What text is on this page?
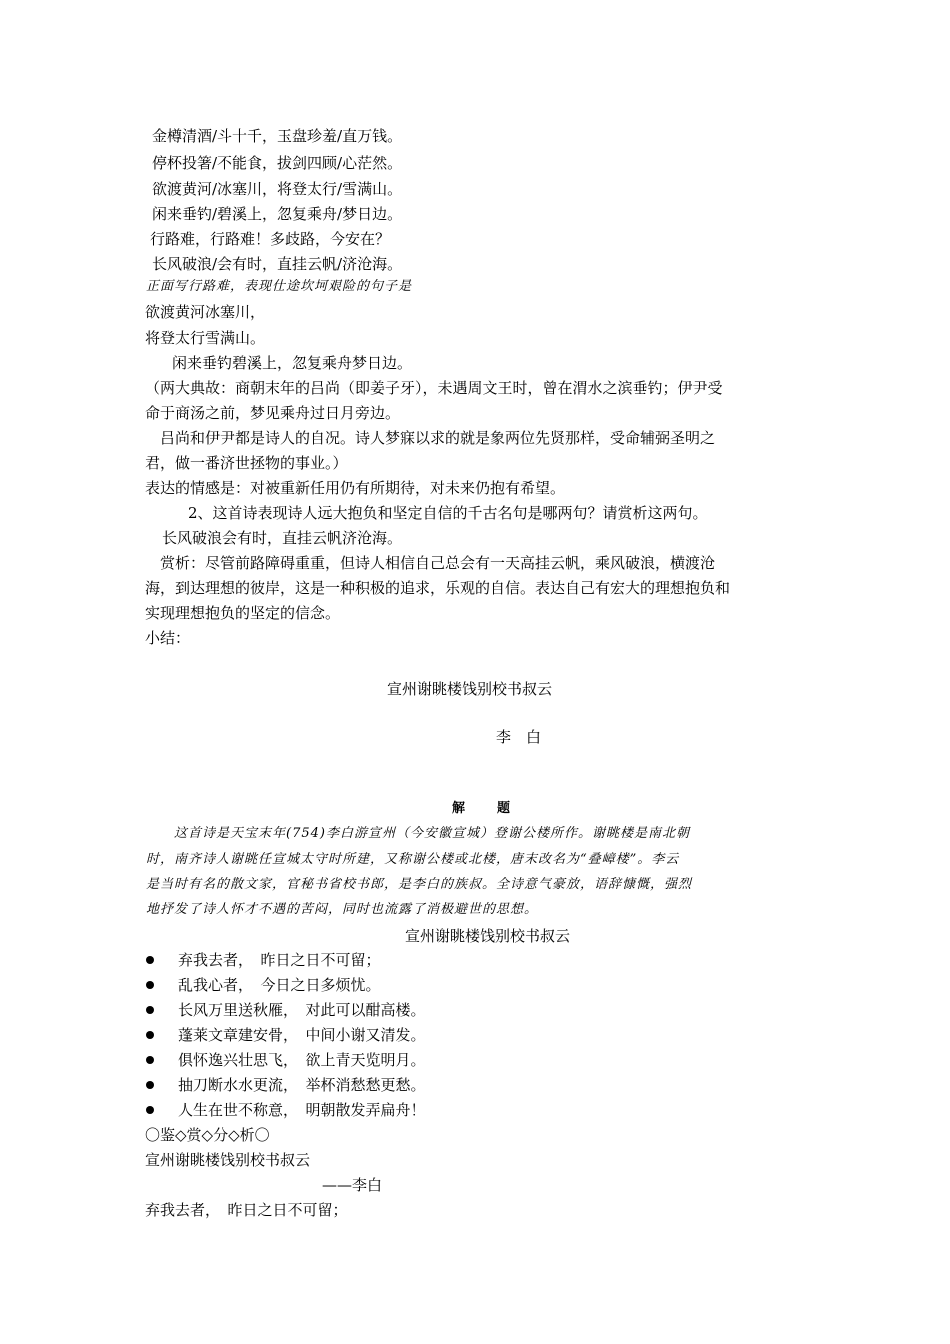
金樽清酒/斗十千，玉盘珍羞/直万钱。
停杯投箸/不能食，拔剑四顾/心茫然。
欲渡黄河/冰塞川，将登太行/雪满山。
闲来垂钓/碧溪上，忽复乘舟/梦日边。
行路难，行路难！多歧路，今安在？
长风破浪/会有时，直挂云帆/济沧海。
正面写行路难，表现仕途坎坷艰险的句子是
欲渡黄河冰塞川，
将登太行雪满山。
闲来垂钓碧溪上，忽复乘舟梦日边。
（两大典故：商朝末年的吕尚（即姜子牙），未遇周文王时，曾在渭水之滨垂钓；伊尹受
命于商汤之前，梦见乘舟过日月旁边。
吕尚和伊尹都是诗人的自况。诗人梦寐以求的就是象两位先贤那样，受命辅弼圣明之
君，做一番济世拯物的事业。）
表达的情感是：对被重新任用仍有所期待，对未来仍抱有希望。
2、这首诗表现诗人远大抱负和坚定自信的千古名句是哪两句？请赏析这两句。
长风破浪会有时，直挂云帆济沧海。
赏析：尽管前路障碍重重，但诗人相信自己总会有一天高挂云帆，乘风破浪，横渡沧
海，到达理想的彼岸，这是一种积极的追求，乐观的自信。表达自己有宏大的理想抱负和
实现理想抱负的坚定的信念。
小结：
宣州谢眺楼饯别校书叔云
李　白
解　　题
这首诗是天宝末年(754)李白游宣州（今安徽宣城）登谢公楼所作。谢眺楼是南北朝
时，南齐诗人谢眺任宣城太守时所建，又称谢公楼或北楼，唐末改名为“叠嶂楼”。李云
是当时有名的散文家，官秘书省校书郎，是李白的族叔。全诗意气豪放，语辞慷慨，强烈
地抒发了诗人怀才不遇的苦闷，同时也流露了消极避世的思想。
宣州谢眺楼饯别校书叔云
弃我去者，　昨日之日不可留；
乱我心者，　今日之日多烦忧。
长风万里送秋雁，　对此可以酣高楼。
蓬莱文章建安骨，　中间小谢又清发。
俱怀逸兴壮思飞，　欲上青天览明月。
抽刀断水水更流，　举杯消愁愁更愁。
人生在世不称意，　明朝散发弄扁舟！
〇鉴◇赏◇分◇析〇
宣州谢眺楼饯别校书叔云
——李白
弃我去者，　昨日之日不可留；
